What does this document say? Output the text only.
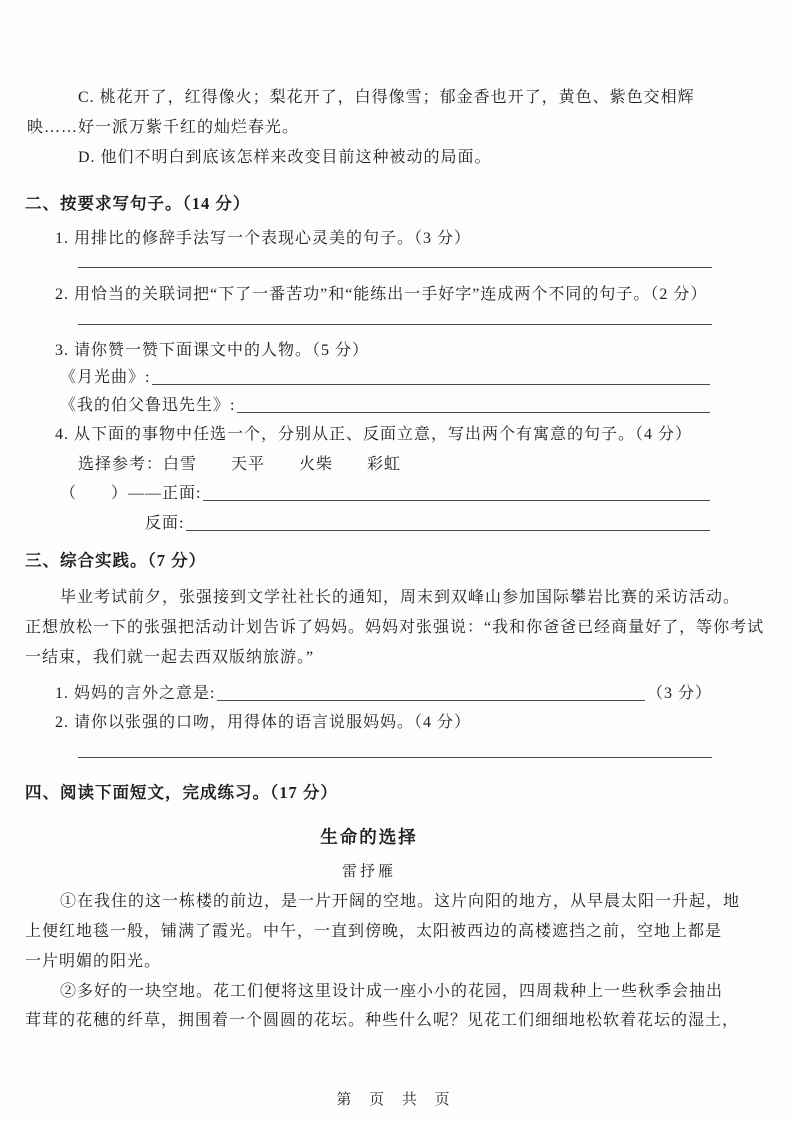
C. 桃花开了，红得像火；梨花开了，白得像雪；郁金香也开了，黄色、紫色交相辉
映……好一派万紫千红的灿烂春光。
D. 他们不明白到底该怎样来改变目前这种被动的局面。
二、按要求写句子。（14 分）
1. 用排比的修辞手法写一个表现心灵美的句子。（3 分）
2. 用恰当的关联词把“下了一番苦功”和“能练出一手好字”连成两个不同的句子。（2 分）
3. 请你赞一赞下面课文中的人物。（5 分）
《月光曲》:
《我的伯父鲁迅先生》:
4. 从下面的事物中任选一个，分别从正、反面立意，写出两个有寓意的句子。（4 分）
选择参考：白雪　　天平　　火柴　　彩虹
（　　）——正面:
反面:
三、综合实践。（7 分）
毕业考试前夕，张强接到文学社社长的通知，周末到双峰山参加国际攀岩比赛的采访活动。
正想放松一下的张强把活动计划告诉了妈妈。妈妈对张强说：“我和你爸爸已经商量好了，等你考试
一结束，我们就一起去西双版纳旅游。”
1. 妈妈的言外之意是:	（3 分）
2. 请你以张强的口吻，用得体的语言说服妈妈。（4 分）
四、阅读下面短文，完成练习。（17 分）
生命的选择
雷抒雁
①在我住的这一栋楼的前边，是一片开阔的空地。这片向阳的地方，从早晨太阳一升起，地
上便红地毯一般，铺满了霞光。中午，一直到傍晚，太阳被西边的高楼遮挡之前，空地上都是
一片明媚的阳光。
②多好的一块空地。花工们便将这里设计成一座小小的花园，四周栽种上一些秋季会抽出
茸茸的花穗的纤草，拥围着一个圆圆的花坛。种些什么呢？见花工们细细地松软着花坛的湿土，
第 页 共 页
